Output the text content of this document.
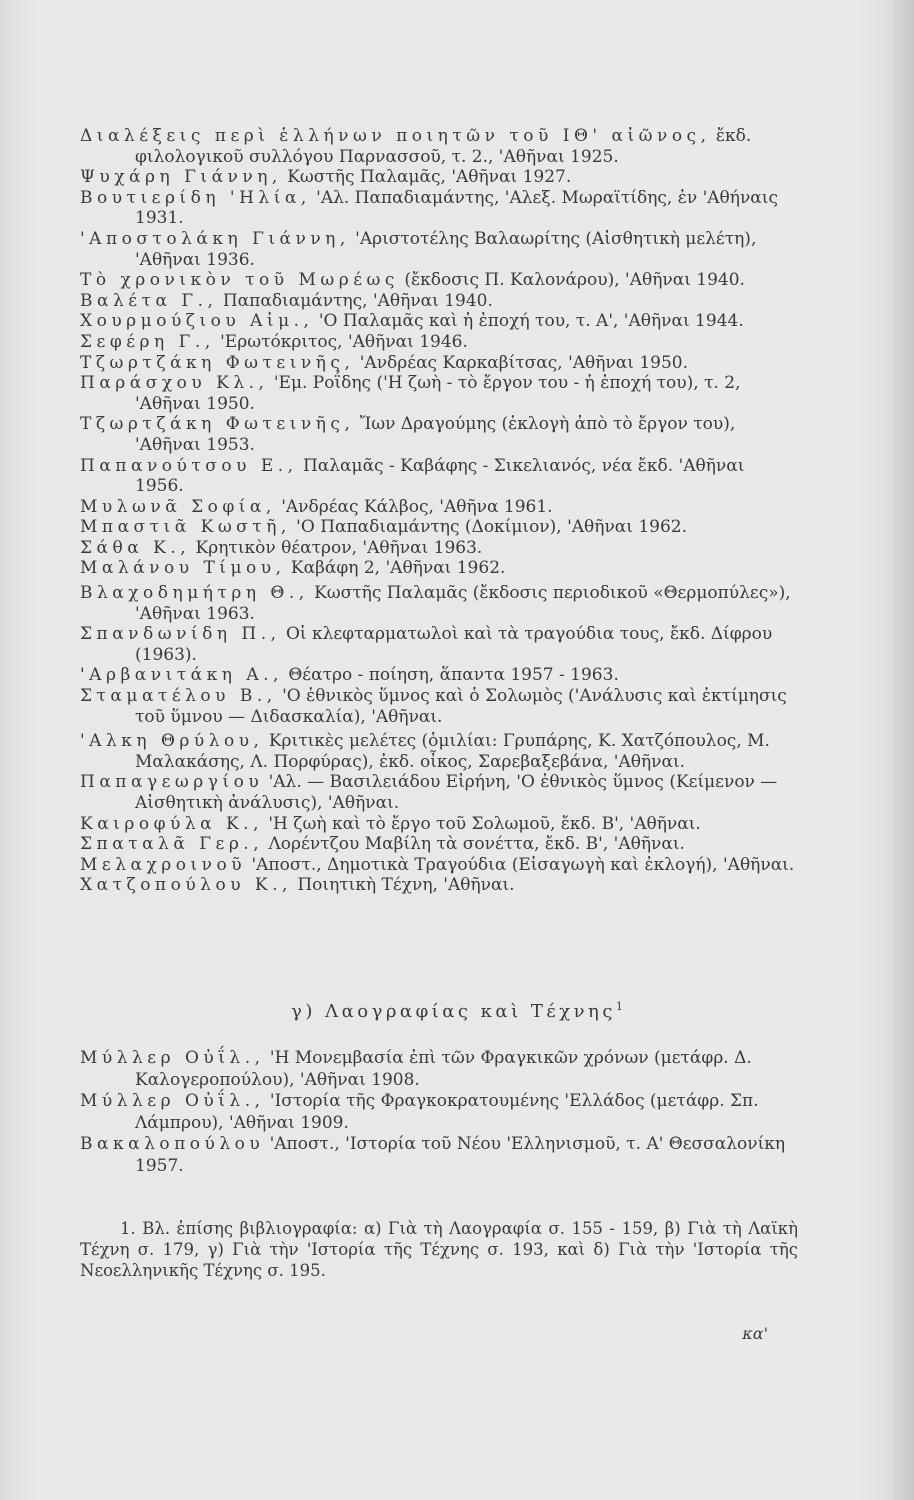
Διαλέξεις περὶ ἑλλήνων ποιητῶν τοῦ ΙΘ' αἰῶνος, ἔκδ. φιλολογικοῦ συλλόγου Παρνασσοῦ, τ. 2., 'Αθῆναι 1925.

Ψυχάρη Γιάννη, Κωστῆς Παλαμᾶς, 'Αθῆναι 1927.

Βουτιερίδη 'Ηλία, 'Αλ. Παπαδιαμάντης, 'Αλεξ. Μωραϊτίδης, ἐν 'Αθήναις 1931.

'Αποστολάκη Γιάννη, 'Αριστοτέλης Βαλαωρίτης (Αἰσθητικὴ μελέτη), 'Αθῆναι 1936.

Τὸ χρονικὸν τοῦ Μωρέως (ἔκδοσις Π. Καλονάρου), 'Αθῆναι 1940.

Βαλέτα Γ., Παπαδιαμάντης, 'Αθῆναι 1940.

Χουρμούζιου Αἰμ., 'Ο Παλαμᾶς καὶ ἡ ἐποχή του, τ. Α', 'Αθῆναι 1944.

Σεφέρη Γ., 'Ερωτόκριτος, 'Αθῆναι 1946.

Τζωρτζάκη Φωτεινῆς, 'Ανδρέας Καρκαβίτσας, 'Αθῆναι 1950.

Παράσχου Κλ., 'Εμ. Ροΐδης ('Η ζωὴ - τὸ ἔργον του - ἡ ἐποχή του), τ. 2, 'Αθῆναι 1950.

Τζωρτζάκη Φωτεινῆς, Ἴων Δραγούμης (ἐκλογὴ ἀπὸ τὸ ἔργον του), 'Αθῆναι 1953.

Παπανούτσου Ε., Παλαμᾶς - Καβάφης - Σικελιανός, νέα ἔκδ. 'Αθῆναι 1956.

Μυλωνᾶ Σοφία, 'Ανδρέας Κάλβος, 'Αθῆνα 1961.

Μπαστιᾶ Κωστῆ, 'Ο Παπαδιαμάντης (Δοκίμιον), 'Αθῆναι 1962.

Σάθα Κ., Κρητικὸν θέατρον, 'Αθῆναι 1963.

Μαλάνου Τίμου, Καβάφη 2, 'Αθῆναι 1962.

Βλαχοδημήτρη Θ., Κωστῆς Παλαμᾶς (ἔκδοσις περιοδικοῦ «Θερμοπύλες»), 'Αθῆναι 1963.

Σπανδωνίδη Π., Οἱ κλεφταρματωλοὶ καὶ τὰ τραγούδια τους, ἔκδ. Δίφρου (1963).

'Αρβανιτάκη Α., Θέατρο - ποίηση, ἅπαντα 1957 - 1963.

Σταματέλου Β., 'Ο ἐθνικὸς ὕμνος καὶ ὁ Σολωμὸς ('Ανάλυσις καὶ ἐκτίμησις τοῦ ὕμνου — Διδασκαλία), 'Αθῆναι.

'Αλκη Θρύλου, Κριτικὲς μελέτες (ὁμιλίαι: Γρυπάρης, Κ. Χατζόπουλος, Μ. Μαλακάσης, Λ. Πορφύρας), ἐκδ. οἶκος, Σαρεβαξεβάνα, 'Αθῆναι.

Παπαγεωργίου 'Αλ. — Βασιλειάδου Εἰρήνη, 'Ο ἐθνικὸς ὕμνος (Κείμενον — Αἰσθητικὴ ἀνάλυσις), 'Αθῆναι.

Καιροφύλα Κ., 'Η ζωὴ καὶ τὸ ἔργο τοῦ Σολωμοῦ, ἔκδ. Β', 'Αθῆναι.

Σπαταλᾶ Γερ., Λορέντζου Μαβίλη τὰ σονέττα, ἔκδ. Β', 'Αθῆναι.

Μελαχροινοῦ 'Αποστ., Δημοτικὰ Τραγούδια (Εἰσαγωγὴ καὶ ἐκλογή), 'Αθῆναι.

Χατζοπούλου Κ., Ποιητικὴ Τέχνη, 'Αθῆναι.

γ) Λαογραφίας καὶ Τέχνης$^1$

Μύλλερ Οὐΐλ., 'Η Μονεμβασία ἐπὶ τῶν Φραγκικῶν χρόνων (μετάφρ. Δ. Καλογεροπούλου), 'Αθῆναι 1908.

Μύλλερ Οὐΐλ., 'Ιστορία τῆς Φραγκοκρατουμένης 'Ελλάδος (μετάφρ. Σπ. Λάμπρου), 'Αθῆναι 1909.

Βακαλοπούλου 'Αποστ., 'Ιστορία τοῦ Νέου 'Ελληνισμοῦ, τ. Α' Θεσσαλονίκη 1957.

1. Βλ. ἐπίσης βιβλιογραφία: α) Γιὰ τὴ Λαογραφία σ. 155 - 159, β) Γιὰ τὴ Λαϊκὴ Τέχνη σ. 179, γ) Γιὰ τὴν 'Ιστορία τῆς Τέχνης σ. 193, καὶ δ) Γιὰ τὴν 'Ιστορία τῆς Νεοελληνικῆς Τέχνης σ. 195.

κα'
